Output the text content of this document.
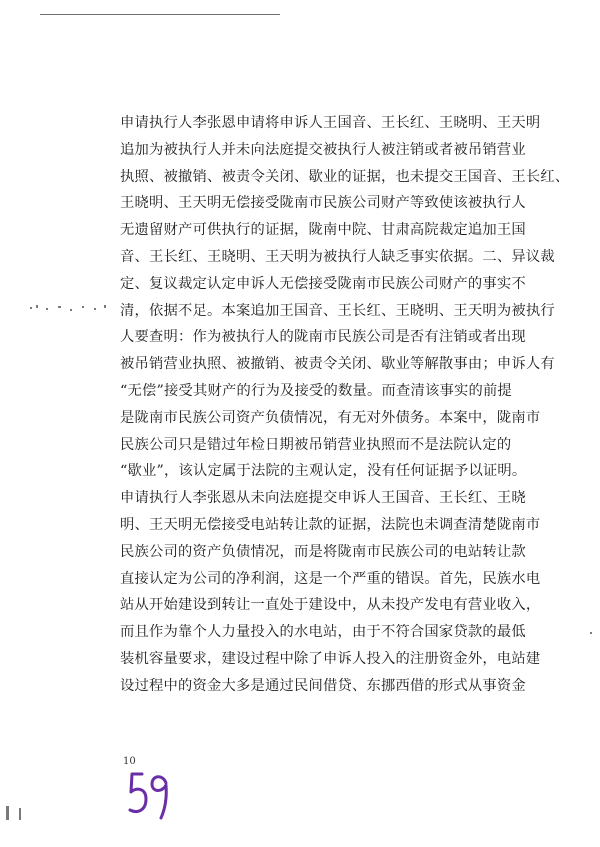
申请执行人李张恩申请将申诉人王国音、王长红、王晓明、王天明
追加为被执行人并未向法庭提交被执行人被注销或者被吊销营业
执照、被撤销、被责令关闭、歇业的证据，也未提交王国音、王长红、
王晓明、王天明无偿接受陇南市民族公司财产等致使该被执行人
无遗留财产可供执行的证据，陇南中院、甘肃高院裁定追加王国
音、王长红、王晓明、王天明为被执行人缺乏事实依据。二、异议裁
定、复议裁定认定申诉人无偿接受陇南市民族公司财产的事实不
清，依据不足。本案追加王国音、王长红、王晓明、王天明为被执行
人要查明：作为被执行人的陇南市民族公司是否有注销或者出现
被吊销营业执照、被撤销、被责令关闭、歇业等解散事由；申诉人有
“无偿”接受其财产的行为及接受的数量。而查清该事实的前提
是陇南市民族公司资产负债情况，有无对外债务。本案中，陇南市
民族公司只是错过年检日期被吊销营业执照而不是法院认定的
“歇业”，该认定属于法院的主观认定，没有任何证据予以证明。
申请执行人李张恩从未向法庭提交申诉人王国音、王长红、王晓
明、王天明无偿接受电站转让款的证据，法院也未调查清楚陇南市
民族公司的资产负债情况，而是将陇南市民族公司的电站转让款
直接认定为公司的净利润，这是一个严重的错误。首先，民族水电
站从开始建设到转让一直处于建设中，从未投产发电有营业收入，
而且作为靠个人力量投入的水电站，由于不符合国家贷款的最低
装机容量要求，建设过程中除了申诉人投入的注册资金外，电站建
设过程中的资金大多是通过民间借贷、东挪西借的形式从事资金
10
